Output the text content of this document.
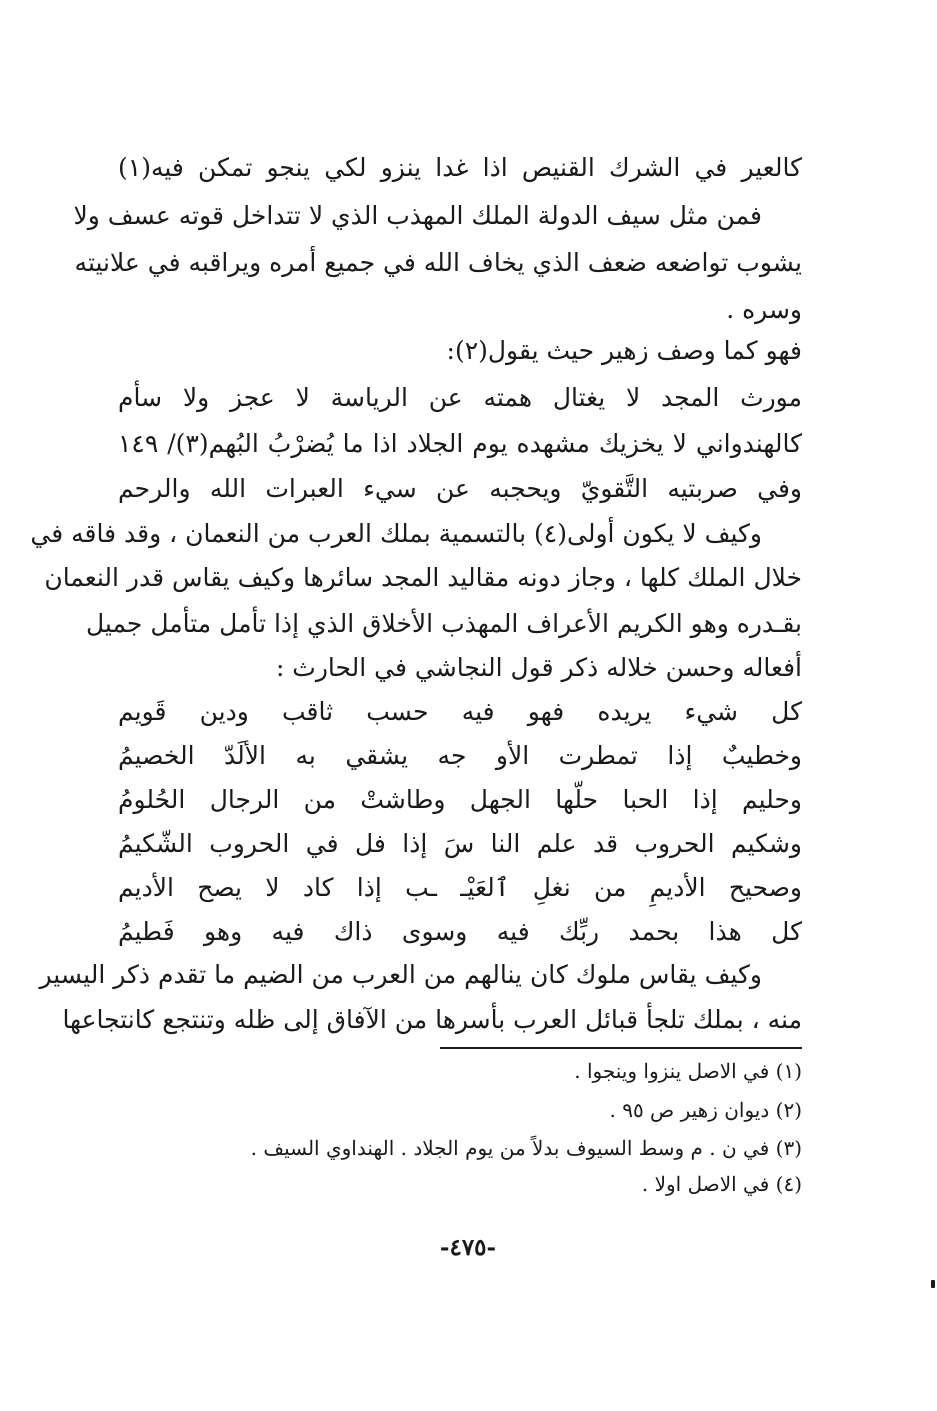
كالعير في الشرك القنيص اذا غدا ينزو لكي ينجو تمكن فيه(١)
فمن مثل سيف الدولة الملك المهذب الذي لا تتداخل قوته عسف ولا
يشوب تواضعه ضعف الذي يخاف الله في جميع أمره ويراقبه في علانيته
وسره .
فهو كما وصف زهير حيث يقول(٢):
مورث المجد لا يغتال همته عن الرياسة لا عجز ولا سأم
كالهندواني لا يخزيك مشهده يوم الجلاد اذا ما يُضرْبُ البُهم(٣)/ ١٤٩
وفي صربتيه التَّقويّ ويحجبه عن سيء العبرات الله والرحم
وكيف لا يكون أولى(٤) بالتسمية بملك العرب من النعمان ، وقد فاقه في
خلال الملك كلها ، وجاز دونه مقاليد المجد سائرها وكيف يقاس قدر النعمان
بقـدره وهو الكريم الأعراف المهذب الأخلاق الذي إذا تأمل متأمل جميل
أفعاله وحسن خلاله ذكر قول النجاشي في الحارث :
كل شيء يريده فهو فيه حسب ثاقب ودين قَويم
وخطيبٌ إذا تمطرت الأو جه يشقي به الألَدّ الخصيمُ
وحليم إذا الحبا حلّها الجهل وطاشتْ من الرجال الحُلومُ
وشكيم الحروب قد علم النا سَ إذا فل في الحروب الشّكيمُ
وصحيح الأديمِ من نغلِ ٱلعَيْـ ـب إذا كاد لا يصح الأديم
كل هذا بحمد ربِّك فيه وسوى ذاك فيه وهو فَطيمُ
وكيف يقاس ملوك كان ينالهم من العرب من الضيم ما تقدم ذكر اليسير
منه ، بملك تلجأ قبائل العرب بأسرها من الآفاق إلى ظله وتنتجع كانتجاعها
(١) في الاصل ينزوا وينجوا .
(٢) ديوان زهير ص ٩٥ .
(٣) في ن . م وسط السيوف بدلاً من يوم الجلاد . الهنداوي السيف .
(٤) في الاصل اولا .
-٤٧٥-
